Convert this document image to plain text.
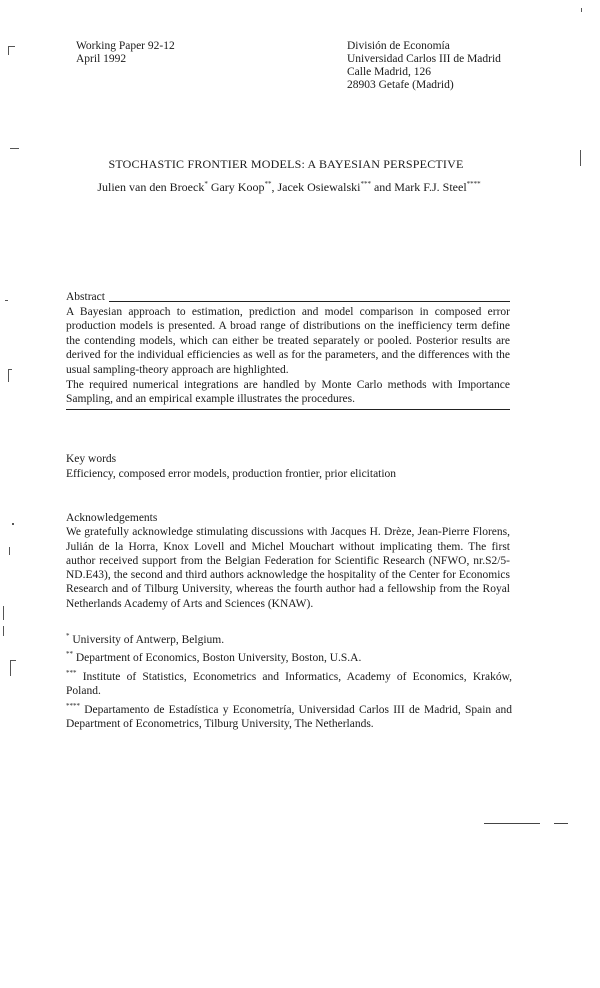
Working Paper 92-12
April 1992
División de Economía
Universidad Carlos III de Madrid
Calle Madrid, 126
28903 Getafe (Madrid)
STOCHASTIC FRONTIER MODELS: A BAYESIAN PERSPECTIVE
Julien van den Broeck* Gary Koop**, Jacek Osiewalski*** and Mark F.J. Steel****
Abstract

A Bayesian approach to estimation, prediction and model comparison in composed error production models is presented. A broad range of distributions on the inefficiency term define the contending models, which can either be treated separately or pooled. Posterior results are derived for the individual efficiencies as well as for the parameters, and the differences with the usual sampling-theory approach are highlighted.

The required numerical integrations are handled by Monte Carlo methods with Importance Sampling, and an empirical example illustrates the procedures.

Key words

Efficiency, composed error models, production frontier, prior elicitation

Acknowledgements

We gratefully acknowledge stimulating discussions with Jacques H. Drèze, Jean-Pierre Florens, Julián de la Horra, Knox Lovell and Michel Mouchart without implicating them. The first author received support from the Belgian Federation for Scientific Research (NFWO, nr.S2/5-ND.E43), the second and third authors acknowledge the hospitality of the Center for Economics Research and of Tilburg University, whereas the fourth author had a fellowship from the Royal Netherlands Academy of Arts and Sciences (KNAW).

* University of Antwerp, Belgium.

** Department of Economics, Boston University, Boston, U.S.A.

*** Institute of Statistics, Econometrics and Informatics, Academy of Economics, Kraków, Poland.

**** Departamento de Estadística y Econometría, Universidad Carlos III de Madrid, Spain and Department of Econometrics, Tilburg University, The Netherlands.
